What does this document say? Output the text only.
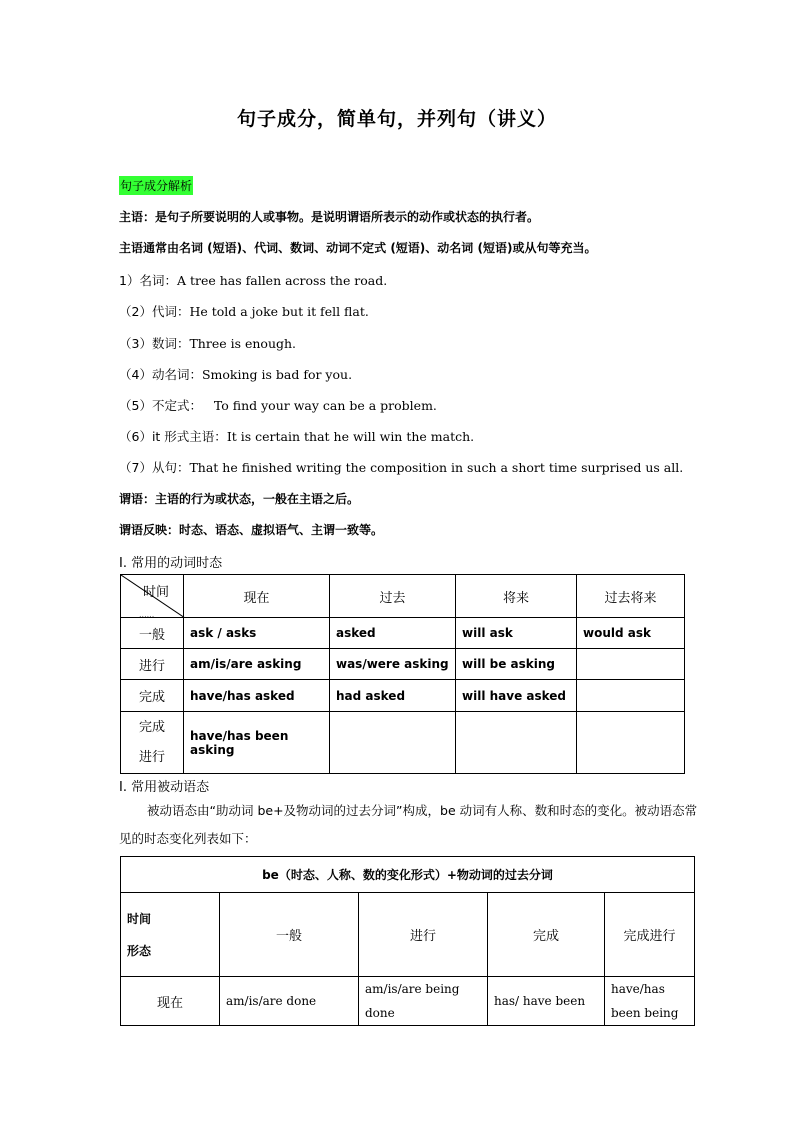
句子成分，简单句，并列句（讲义）
句子成分解析
主语：是句子所要说明的人或事物。是说明谓语所表示的动作或状态的执行者。
主语通常由名词 (短语)、代词、数词、动词不定式 (短语)、动名词 (短语)或从句等充当。
1）名词：A tree has fallen across the road.
（2）代词：He told a joke but it fell flat.
（3）数词：Three is enough.
（4）动名词：Smoking is bad for you.
（5）不定式：   To find your way can be a problem.
（6）it 形式主语：It is certain that he will win the match.
（7）从句：That he finished writing the composition in such a short time surprised us all.
谓语：主语的行为或状态，一般在主语之后。
谓语反映：时态、语态、虚拟语气、主谓一致等。
I. 常用的动词时态
时间
......	现在	过去	将来	过去将来
一般	ask / asks	asked	will ask	would ask
进行	am/is/are asking	was/were asking	will be asking	
完成	have/has asked	had asked	will have asked	
完成
进行	have/has been asking			
I. 常用被动语态
被动语态由“助动词 be+及物动词的过去分词”构成，be 动词有人称、数和时态的变化。被动语态常见的时态变化列表如下：
be（时态、人称、数的变化形式）+物动词的过去分词				
时间
形态	一般	进行	完成	完成进行
现在	am/is/are done	am/is/are being done	has/ have been	have/has been being
